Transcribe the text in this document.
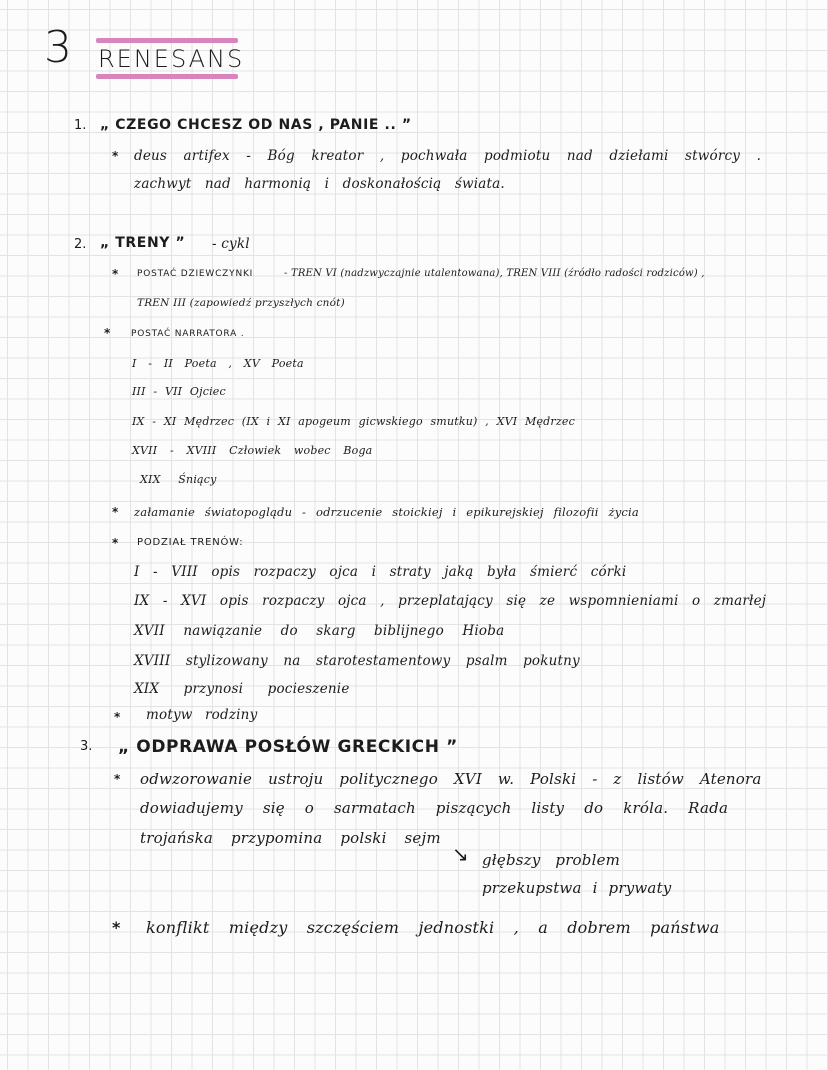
3 RENESANS
1. „ CZEGO CHCESZ OD NAS , PANIE .. ”
* deus artifex - Bóg kreator , pochwała podmiotu nad dziełami stwórcy .
zachwyt nad harmonią i doskonałością świata.
2. „ TRENY ” - cykl
* POSTAĆ DZIEWCZYNKI	- TREN VI (nadzwyczajnie utalentowana), TREN VIII (źródło radości rodziców) ,
TREN III (zapowiedź przyszłych cnót)
* POSTAĆ NARRATORA .
I - II Poeta , XV Poeta
III - VII Ojciec
IX - XI Mędrzec (IX i XI apogeum gicwskiego smutku) , XVI Mędrzec
XVII - XVIII Człowiek wobec Boga
XIX Śniący
* załamanie światopoglądu - odrzucenie stoickiej i epikurejskiej filozofii życia
* PODZIAŁ TRENÓW:
I - VIII opis rozpaczy ojca i straty jaką była śmierć córki
IX - XVI opis rozpaczy ojca , przeplatający się ze wspomnieniami o zmarłej
XVII nawiązanie do skarg biblijnego Hioba
XVIII stylizowany na starotestamentowy psalm pokutny
XIX przynosi pocieszenie
* motyw rodziny
3. „ ODPRAWA POSŁÓW GRECKICH ”
* odwzorowanie ustroju politycznego XVI w. Polski - z listów Atenora
dowiadujemy się o sarmatach piszących listy do króla. Rada
trojańska przypomina polski sejm
↘ głębszy problem
przekupstwa i prywaty
* konflikt między szczęściem jednostki , a dobrem państwa
